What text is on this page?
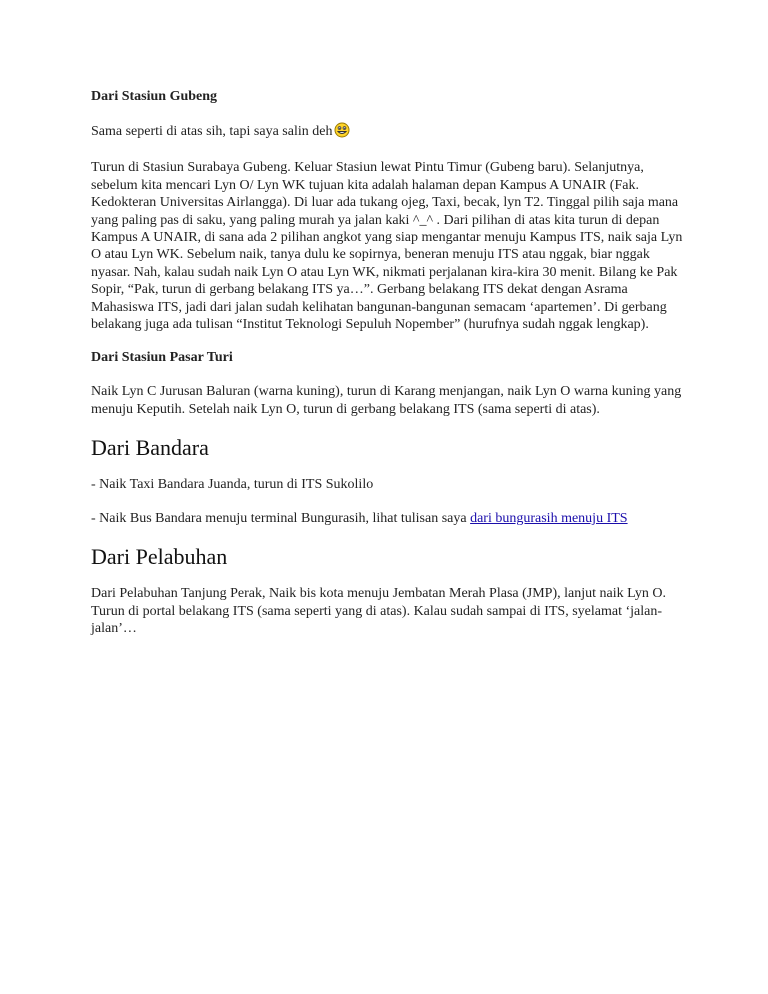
Dari Stasiun Gubeng

Sama seperti di atas sih, tapi saya salin deh

Turun di Stasiun Surabaya Gubeng. Keluar Stasiun lewat Pintu Timur (Gubeng baru). Selanjutnya, sebelum kita mencari Lyn O/ Lyn WK tujuan kita adalah halaman depan Kampus A UNAIR (Fak. Kedokteran Universitas Airlangga). Di luar ada tukang ojeg, Taxi, becak, lyn T2. Tinggal pilih saja mana yang paling pas di saku, yang paling murah ya jalan kaki ^_^ . Dari pilihan di atas kita turun di depan Kampus A UNAIR, di sana ada 2 pilihan angkot yang siap mengantar menuju Kampus ITS, naik saja Lyn O atau Lyn WK. Sebelum naik, tanya dulu ke sopirnya, beneran menuju ITS atau nggak, biar nggak nyasar. Nah, kalau sudah naik Lyn O atau Lyn WK, nikmati perjalanan kira-kira 30 menit. Bilang ke Pak Sopir, “Pak, turun di gerbang belakang ITS ya…”. Gerbang belakang ITS dekat dengan Asrama Mahasiswa ITS, jadi dari jalan sudah kelihatan bangunan-bangunan semacam ‘apartemen’. Di gerbang belakang juga ada tulisan “Institut Teknologi Sepuluh Nopember” (hurufnya sudah nggak lengkap).

Dari Stasiun Pasar Turi

Naik Lyn C Jurusan Baluran (warna kuning), turun di Karang menjangan, naik Lyn O warna kuning yang menuju Keputih. Setelah naik Lyn O, turun di gerbang belakang ITS (sama seperti di atas).

Dari Bandara

- Naik Taxi Bandara Juanda, turun di ITS Sukolilo

- Naik Bus Bandara menuju terminal Bungurasih, lihat tulisan saya dari bungurasih menuju ITS

Dari Pelabuhan

Dari Pelabuhan Tanjung Perak, Naik bis kota menuju Jembatan Merah Plasa (JMP), lanjut naik Lyn O. Turun di portal belakang ITS (sama seperti yang di atas). Kalau sudah sampai di ITS, syelamat ‘jalan-jalan’…
